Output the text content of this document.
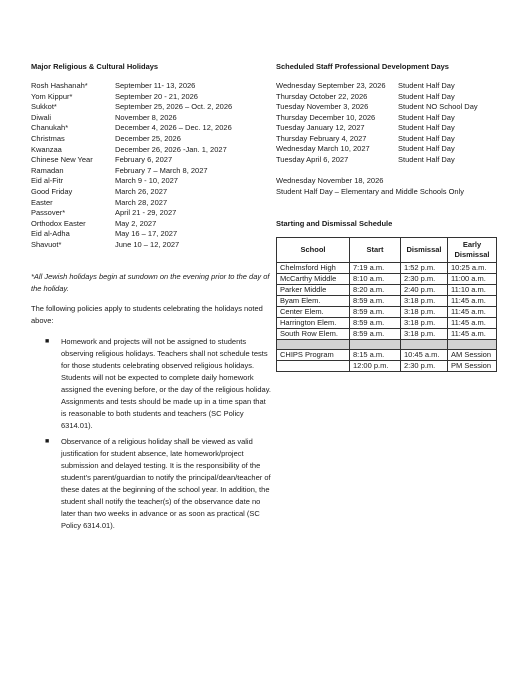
Major Religious & Cultural Holidays
Rosh Hashanah*	September 11- 13, 2026
Yom Kippur*	September 20 - 21, 2026
Sukkot*	September 25, 2026 – Oct. 2, 2026
Diwali	November 8, 2026
Chanukah*	December 4, 2026 – Dec. 12, 2026
Christmas	December 25, 2026
Kwanzaa	December 26, 2026 -Jan. 1, 2027
Chinese New Year	February 6, 2027
Ramadan	February 7 – March 8, 2027
Eid al-Fitr	March 9 - 10, 2027
Good Friday	March 26, 2027
Easter	March 28, 2027
Passover*	April 21 - 29, 2027
Orthodox Easter	May 2, 2027
Eid al-Adha	May 16 – 17, 2027
Shavuot*	June 10 – 12, 2027
*All Jewish holidays begin at sundown on the evening prior to the day of the holiday.
The following policies apply to students celebrating the holidays noted above:
■ Homework and projects will not be assigned to students observing religious holidays. Teachers shall not schedule tests for those students celebrating observed religious holidays. Students will not be expected to complete daily homework assigned the evening before, or the day of the religious holiday. Assignments and tests should be made up in a time span that is reasonable to both students and teachers (SC Policy 6314.01).
■ Observance of a religious holiday shall be viewed as valid justification for student absence, late homework/project submission and delayed testing. It is the responsibility of the student’s parent/guardian to notify the principal/dean/teacher of these dates at the beginning of the school year. In addition, the student shall notify the teacher(s) of the observance date no later than two weeks in advance or as soon as practical (SC Policy 6314.01).
Scheduled Staff Professional Development Days
Wednesday September 23, 2026 Student Half Day
Thursday October 22, 2026	Student Half Day
Tuesday November 3, 2026	Student NO School Day
Thursday December 10, 2026	Student Half Day
Tuesday January 12, 2027	Student Half Day
Thursday February 4, 2027	Student Half Day
Wednesday March 10, 2027	Student Half Day
Tuesday April 6, 2027	Student Half Day
Wednesday November 18, 2026
Student Half Day – Elementary and Middle Schools Only
Starting and Dismissal Schedule
School	Start	Dismissal	Early Dismissal
Chelmsford High	7:19 a.m.	1:52 p.m.	10:25 a.m.
McCarthy Middle	8:10 a.m.	2:30 p.m.	11:00 a.m.
Parker Middle	8:20 a.m.	2:40 p.m.	11:10 a.m.
Byam Elem.	8:59 a.m.	3:18 p.m.	11:45 a.m.
Center Elem.	8:59 a.m.	3:18 p.m.	11:45 a.m.
Harrington Elem.	8:59 a.m.	3:18 p.m.	11:45 a.m.
South Row Elem.	8:59 a.m.	3:18 p.m.	11:45 a.m.

CHIPS Program	8:15 a.m.	10:45 a.m.	AM Session
	12:00 p.m.	2:30 p.m.	PM Session
